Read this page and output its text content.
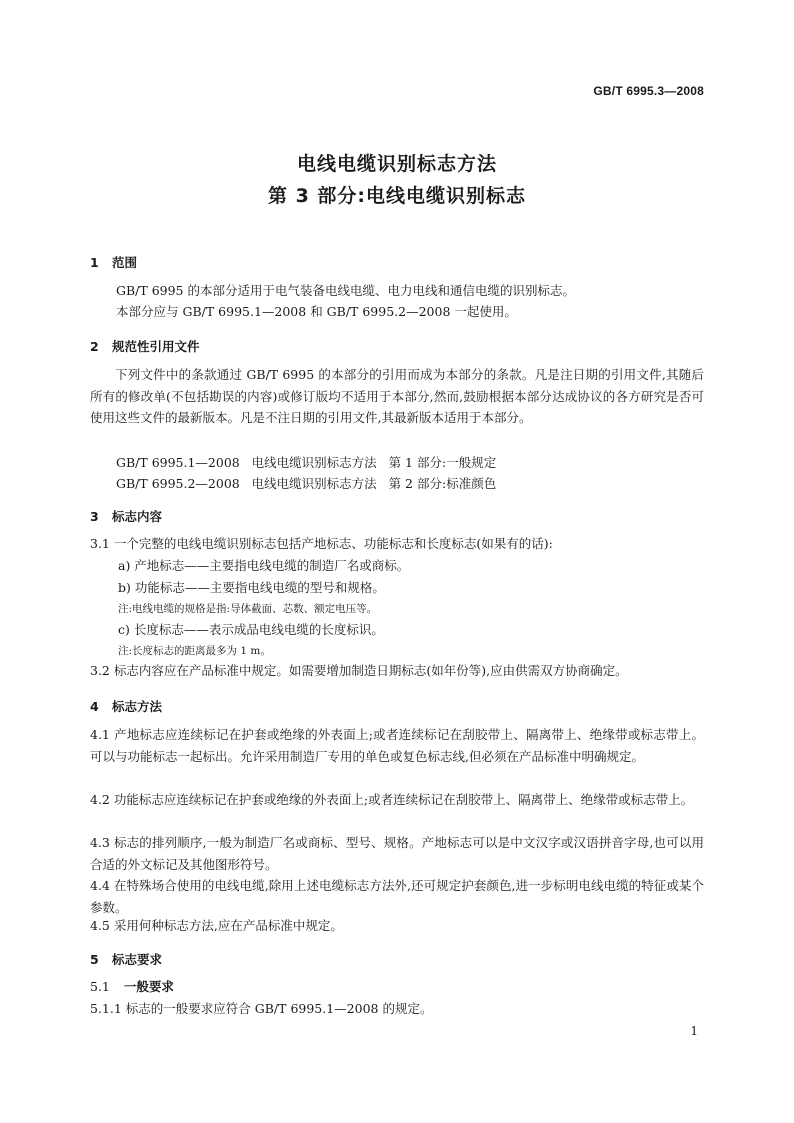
GB/T 6995.3—2008
电线电缆识别标志方法
第 3 部分:电线电缆识别标志
1 范围
GB/T 6995 的本部分适用于电气装备电线电缆、电力电线和通信电缆的识别标志。
本部分应与 GB/T 6995.1—2008 和 GB/T 6995.2—2008 一起使用。
2 规范性引用文件
下列文件中的条款通过 GB/T 6995 的本部分的引用而成为本部分的条款。凡是注日期的引用文件,其随后所有的修改单(不包括勘误的内容)或修订版均不适用于本部分,然而,鼓励根据本部分达成协议的各方研究是否可使用这些文件的最新版本。凡是不注日期的引用文件,其最新版本适用于本部分。
GB/T 6995.1—2008   电线电缆识别标志方法   第 1 部分:一般规定
GB/T 6995.2—2008   电线电缆识别标志方法   第 2 部分:标准颜色
3 标志内容
3.1 一个完整的电线电缆识别标志包括产地标志、功能标志和长度标志(如果有的话):
a) 产地标志——主要指电线电缆的制造厂名或商标。
b) 功能标志——主要指电线电缆的型号和规格。
注:电线电缆的规格是指:导体截面、芯数、额定电压等。
c) 长度标志——表示成品电线电缆的长度标识。
注:长度标志的距离最多为 1 m。
3.2 标志内容应在产品标准中规定。如需要增加制造日期标志(如年份等),应由供需双方协商确定。
4 标志方法
4.1 产地标志应连续标记在护套或绝缘的外表面上;或者连续标记在刮胶带上、隔离带上、绝缘带或标志带上。可以与功能标志一起标出。允许采用制造厂专用的单色或复色标志线,但必须在产品标准中明确规定。
4.2 功能标志应连续标记在护套或绝缘的外表面上;或者连续标记在刮胶带上、隔离带上、绝缘带或标志带上。
4.3 标志的排列顺序,一般为制造厂名或商标、型号、规格。产地标志可以是中文汉字或汉语拼音字母,也可以用合适的外文标记及其他图形符号。
4.4 在特殊场合使用的电线电缆,除用上述电缆标志方法外,还可规定护套颜色,进一步标明电线电缆的特征或某个参数。
4.5 采用何种标志方法,应在产品标准中规定。
5 标志要求
5.1 一般要求
5.1.1 标志的一般要求应符合 GB/T 6995.1—2008 的规定。
1
